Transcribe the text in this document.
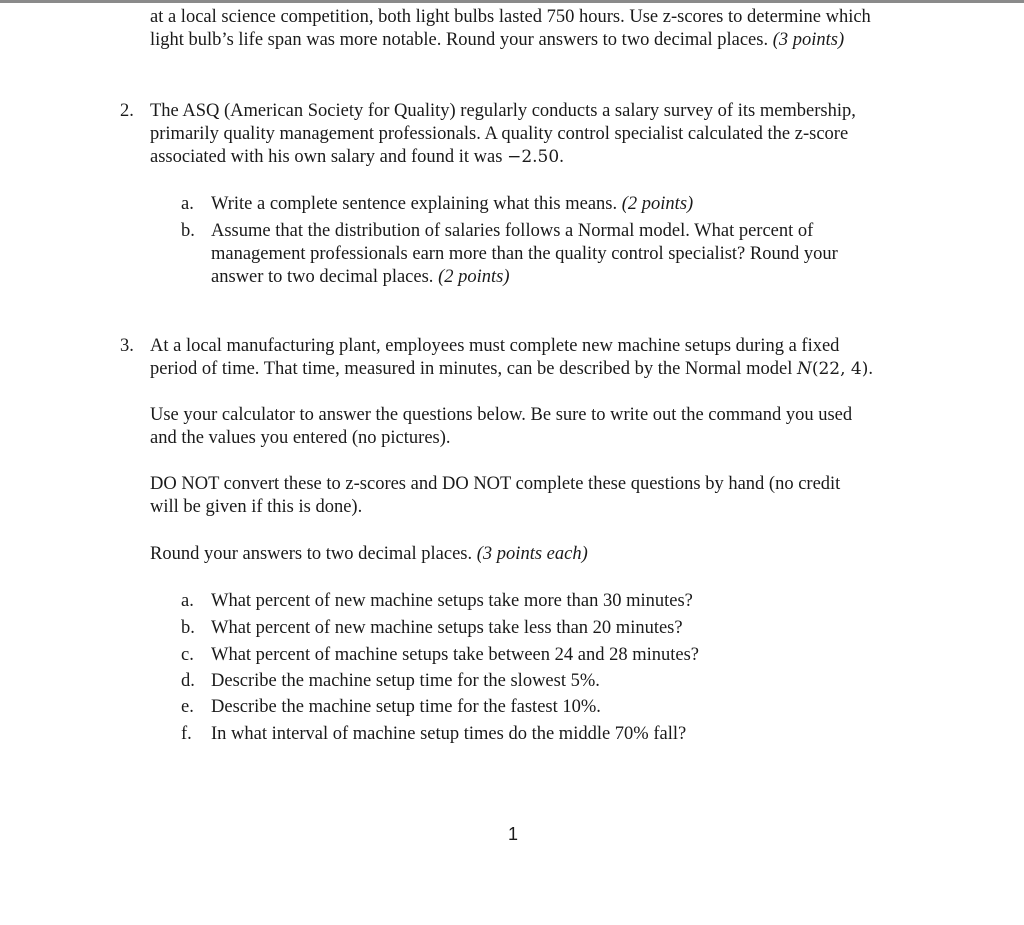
at a local science competition, both light bulbs lasted 750 hours. Use z-scores to determine which
light bulb’s life span was more notable. Round your answers to two decimal places. (3 points)
2. The ASQ (American Society for Quality) regularly conducts a salary survey of its membership,
primarily quality management professionals. A quality control specialist calculated the z-score
associated with his own salary and found it was −2.50.
a. Write a complete sentence explaining what this means. (2 points)
b. Assume that the distribution of salaries follows a Normal model. What percent of
management professionals earn more than the quality control specialist? Round your
answer to two decimal places. (2 points)
3. At a local manufacturing plant, employees must complete new machine setups during a fixed
period of time. That time, measured in minutes, can be described by the Normal model N(22, 4).
Use your calculator to answer the questions below. Be sure to write out the command you used
and the values you entered (no pictures).
DO NOT convert these to z-scores and DO NOT complete these questions by hand (no credit
will be given if this is done).
Round your answers to two decimal places. (3 points each)
a. What percent of new machine setups take more than 30 minutes?
b. What percent of new machine setups take less than 20 minutes?
c. What percent of machine setups take between 24 and 28 minutes?
d. Describe the machine setup time for the slowest 5%.
e. Describe the machine setup time for the fastest 10%.
f. In what interval of machine setup times do the middle 70% fall?
1
